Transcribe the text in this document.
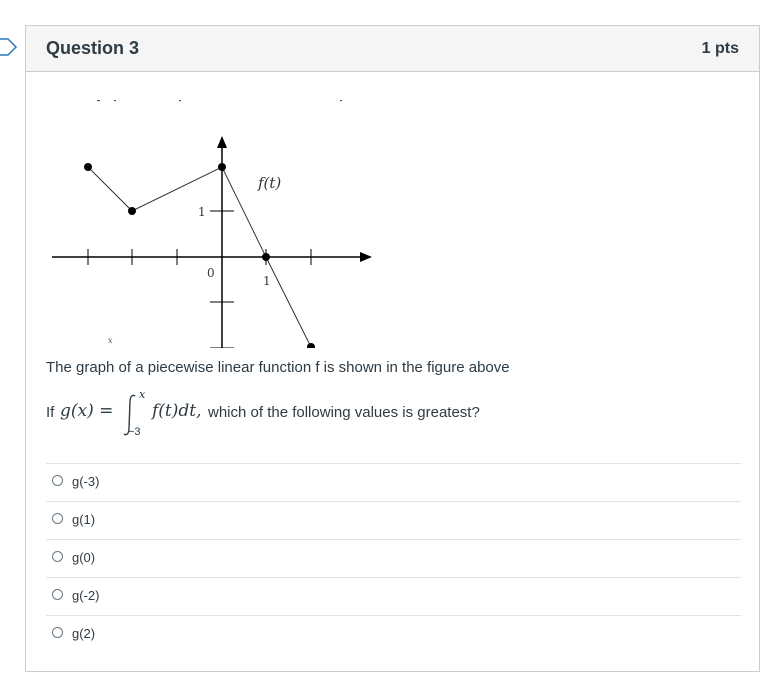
Question 3	1 pts
f(t)
1
0
1
x
The graph of a piecewise linear function f is shown in the figure above
If g(x) =
x
−3
f(t)dt, which of the following values is greatest?
g(-3)
g(1)
g(0)
g(-2)
g(2)
